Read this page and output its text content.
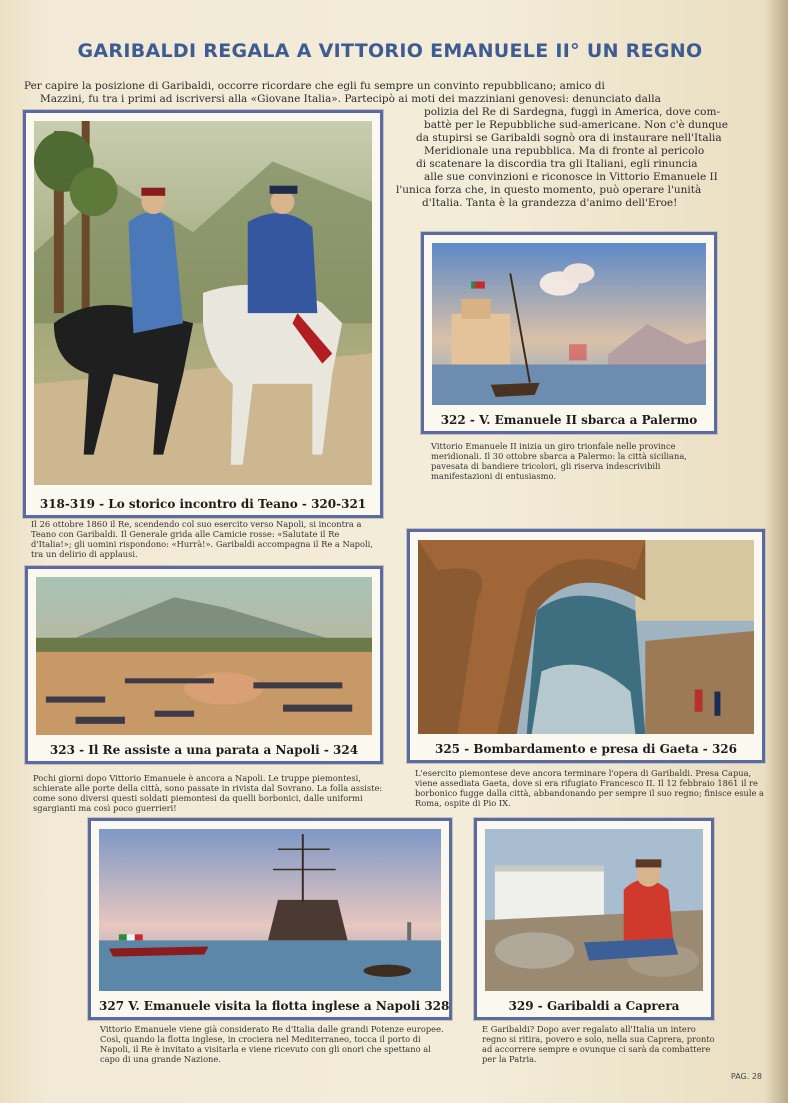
GARIBALDI REGALA A VITTORIO EMANUELE II° UN REGNO
Per capire la posizione di Garibaldi, occorre ricordare che egli fu sempre un convinto repubblicano; amico di
Mazzini, fu tra i primi ad iscriversi alla «Giovane Italia». Partecipò ai moti dei mazziniani genovesi: denunciato dalla
polizia del Re di Sardegna, fuggì in America, dove com-
battè per le Repubbliche sud-americane. Non c'è dunque
da stupirsi se Garibaldi sognò ora di instaurare nell'Italia
Meridionale una repubblica. Ma di fronte al pericolo
di scatenare la discordia tra gli Italiani, egli rinuncia
alle sue convinzioni e riconosce in Vittorio Emanuele II
l'unica forza che, in questo momento, può operare l'unità
d'Italia. Tanta è la grandezza d'animo dell'Eroe!
318-319 - Lo storico incontro di Teano - 320-321
Il 26 ottobre 1860 il Re, scendendo col suo esercito verso Napoli, si incontra a Teano con Garibaldi. Il Generale grida alle Camicie rosse: «Salutate il Re d'Italia!»; gli uomini rispondono: «Hurrà!». Garibaldi accompagna il Re a Napoli, tra un delirio di applausi.
322 - V. Emanuele II sbarca a Palermo
Vittorio Emanuele II inizia un giro trionfale nelle province meridionali. Il 30 ottobre sbarca a Palermo: la città siciliana, pavesata di bandiere tricolori, gli riserva indescrivibili manifestazioni di entusiasmo.
323 - Il Re assiste a una parata a Napoli - 324
Pochi giorni dopo Vittorio Emanuele è ancora a Napoli. Le truppe piemontesi, schierate alle porte della città, sono passate in rivista dal Sovrano. La folla assiste: come sono diversi questi soldati piemontesi da quelli borbonici, dalle uniformi sgargianti ma così poco guerrieri!
325 - Bombardamento e presa di Gaeta - 326
L'esercito piemontese deve ancora terminare l'opera di Garibaldi. Presa Capua, viene assediata Gaeta, dove si era rifugiato Francesco II. Il 12 febbraio 1861 il re borbonico fugge dalla città, abbandonando per sempre il suo regno; finisce esule a Roma, ospite di Pio IX.
327 V. Emanuele visita la flotta inglese a Napoli 328
Vittorio Emanuele viene già considerato Re d'Italia dalle grandi Potenze europee. Così, quando la flotta inglese, in crociera nel Mediterraneo, tocca il porto di Napoli, il Re è invitato a visitarla e viene ricevuto con gli onori che spettano al capo di una grande Nazione.
329 - Garibaldi a Caprera
E Garibaldi? Dopo aver regalato all'Italia un intero regno si ritira, povero e solo, nella sua Caprera, pronto ad accorrere sempre e ovunque ci sarà da combattere per la Patria.
PAG. 28
